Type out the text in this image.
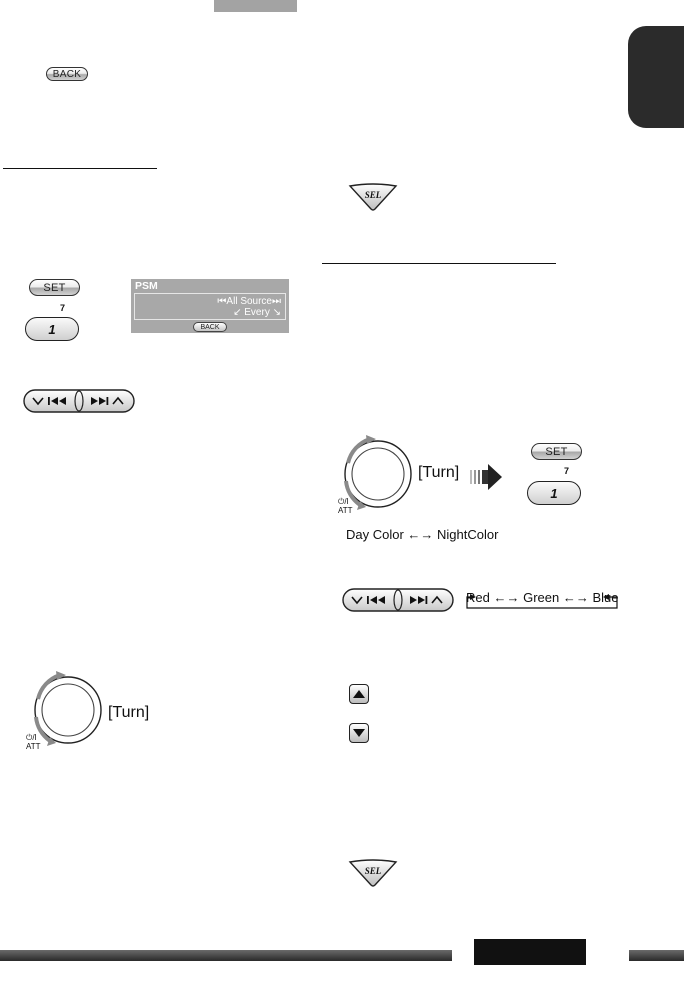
BACK
SET
7
1
PSM
⏮All Source⏭
↙ Every ↘
BACK
⏻/I
ATT
[Turn]
SEL
⏻/I
ATT
[Turn]
SET
7
1
Day Color ←→ NightColor
Red ←→ Green ←→ Blue
SEL
